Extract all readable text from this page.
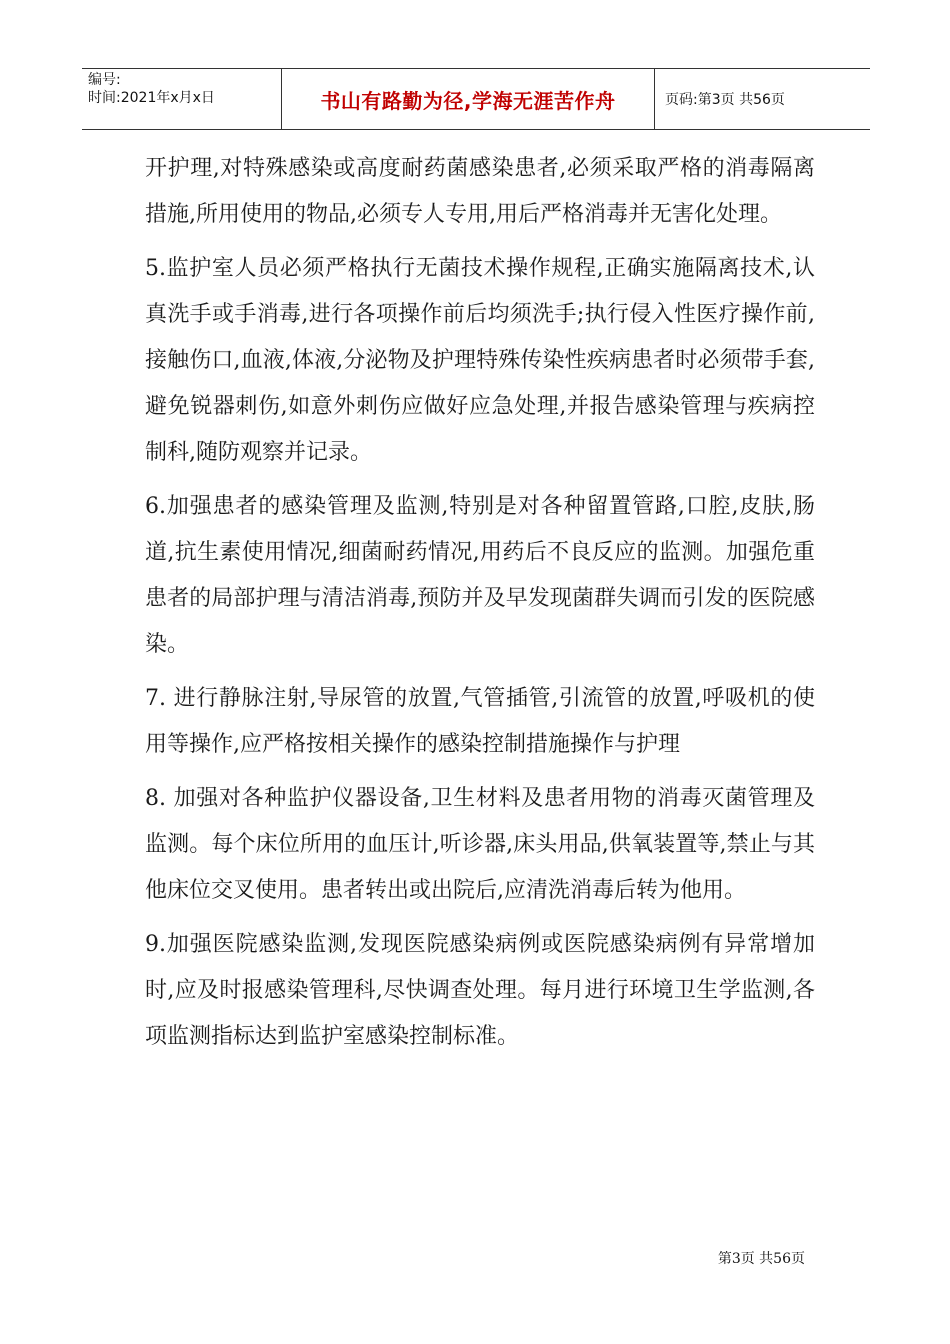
编号:
时间:2021年x月x日	书山有路勤为径,学海无涯苦作舟	页码:第3页 共56页

开护理,对特殊感染或高度耐药菌感染患者,必须采取严格的消毒隔离措施,所用使用的物品,必须专人专用,用后严格消毒并无害化处理。

5.监护室人员必须严格执行无菌技术操作规程,正确实施隔离技术,认真洗手或手消毒,进行各项操作前后均须洗手;执行侵入性医疗操作前,接触伤口,血液,体液,分泌物及护理特殊传染性疾病患者时必须带手套,避免锐器刺伤,如意外刺伤应做好应急处理,并报告感染管理与疾病控制科,随防观察并记录。

6.加强患者的感染管理及监测,特别是对各种留置管路,口腔,皮肤,肠道,抗生素使用情况,细菌耐药情况,用药后不良反应的监测。加强危重患者的局部护理与清洁消毒,预防并及早发现菌群失调而引发的医院感染。

7. 进行静脉注射,导尿管的放置,气管插管,引流管的放置,呼吸机的使用等操作,应严格按相关操作的感染控制措施操作与护理

8. 加强对各种监护仪器设备,卫生材料及患者用物的消毒灭菌管理及监测。每个床位所用的血压计,听诊器,床头用品,供氧装置等,禁止与其他床位交叉使用。患者转出或出院后,应清洗消毒后转为他用。

9.加强医院感染监测,发现医院感染病例或医院感染病例有异常增加时,应及时报感染管理科,尽快调查处理。每月进行环境卫生学监测,各项监测指标达到监护室感染控制标准。

第3页 共56页
